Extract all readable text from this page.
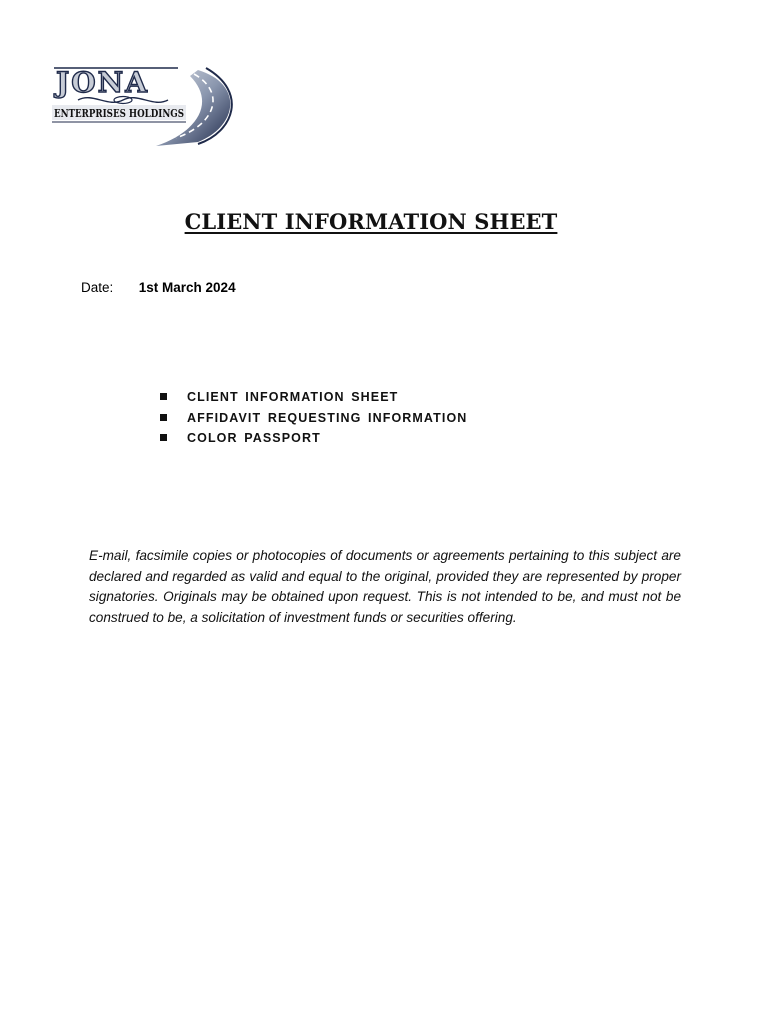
JONA
ENTERPRISES HOLDINGS
CLIENT INFORMATION SHEET
Date: 1st March 2024
CLIENT INFORMATION SHEET
AFFIDAVIT REQUESTING INFORMATION
COLOR PASSPORT

E-mail, facsimile copies or photocopies of documents or agreements pertaining to this subject are declared and regarded as valid and equal to the original, provided they are represented by proper signatories. Originals may be obtained upon request. This is not intended to be, and must not be construed to be, a solicitation of investment funds or securities offering.
